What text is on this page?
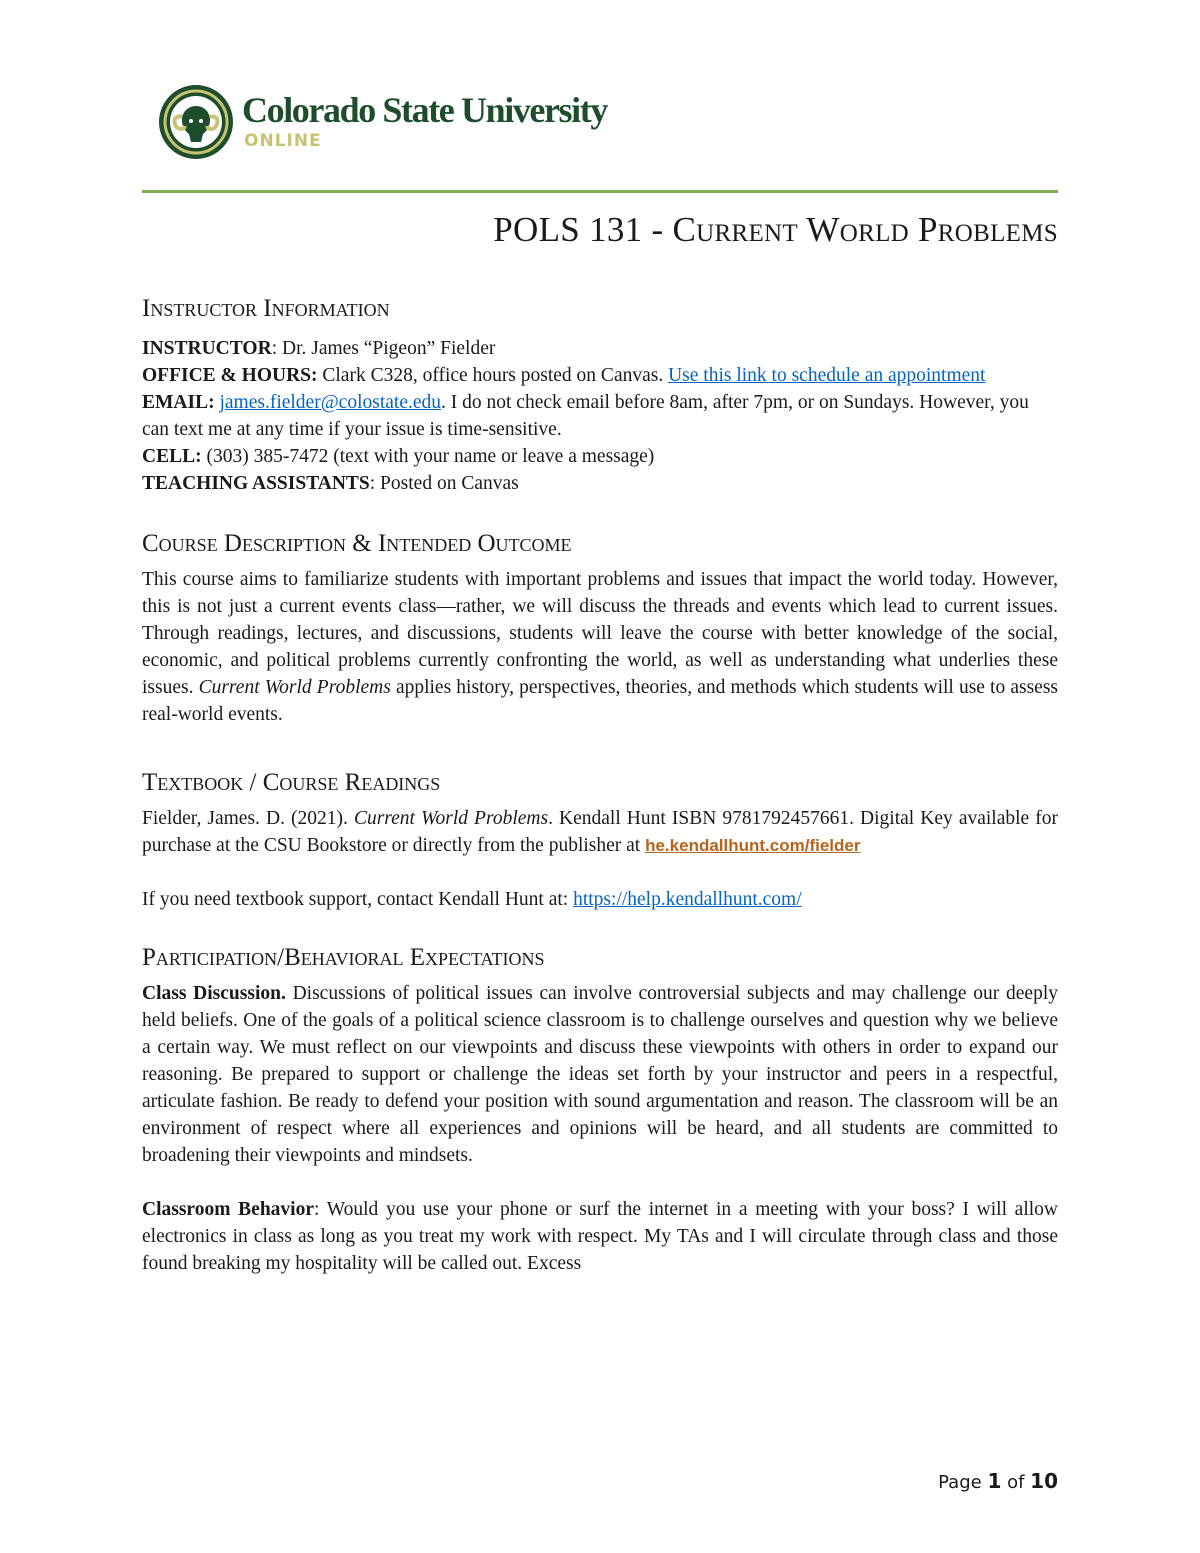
Colorado State University
ONLINE
POLS 131 - Current World Problems
Instructor Information

INSTRUCTOR: Dr. James “Pigeon” Fielder

OFFICE & HOURS: Clark C328, office hours posted on Canvas. Use this link to schedule an appointment

EMAIL: james.fielder@colostate.edu. I do not check email before 8am, after 7pm, or on Sundays. However, you can text me at any time if your issue is time-sensitive.

CELL: (303) 385-7472 (text with your name or leave a message)

TEACHING ASSISTANTS: Posted on Canvas

Course Description & Intended Outcome

This course aims to familiarize students with important problems and issues that impact the world today. However, this is not just a current events class—rather, we will discuss the threads and events which lead to current issues. Through readings, lectures, and discussions, students will leave the course with better knowledge of the social, economic, and political problems currently confronting the world, as well as understanding what underlies these issues. Current World Problems applies history, perspectives, theories, and methods which students will use to assess real-world events.

Textbook / Course Readings

Fielder, James. D. (2021). Current World Problems. Kendall Hunt ISBN 9781792457661. Digital Key available for purchase at the CSU Bookstore or directly from the publisher at he.kendallhunt.com/fielder

If you need textbook support, contact Kendall Hunt at: https://help.kendallhunt.com/

Participation/Behavioral Expectations

Class Discussion. Discussions of political issues can involve controversial subjects and may challenge our deeply held beliefs. One of the goals of a political science classroom is to challenge ourselves and question why we believe a certain way. We must reflect on our viewpoints and discuss these viewpoints with others in order to expand our reasoning. Be prepared to support or challenge the ideas set forth by your instructor and peers in a respectful, articulate fashion. Be ready to defend your position with sound argumentation and reason. The classroom will be an environment of respect where all experiences and opinions will be heard, and all students are committed to broadening their viewpoints and mindsets.

Classroom Behavior: Would you use your phone or surf the internet in a meeting with your boss? I will allow electronics in class as long as you treat my work with respect. My TAs and I will circulate through class and those found breaking my hospitality will be called out. Excess

Page 1 of 10
